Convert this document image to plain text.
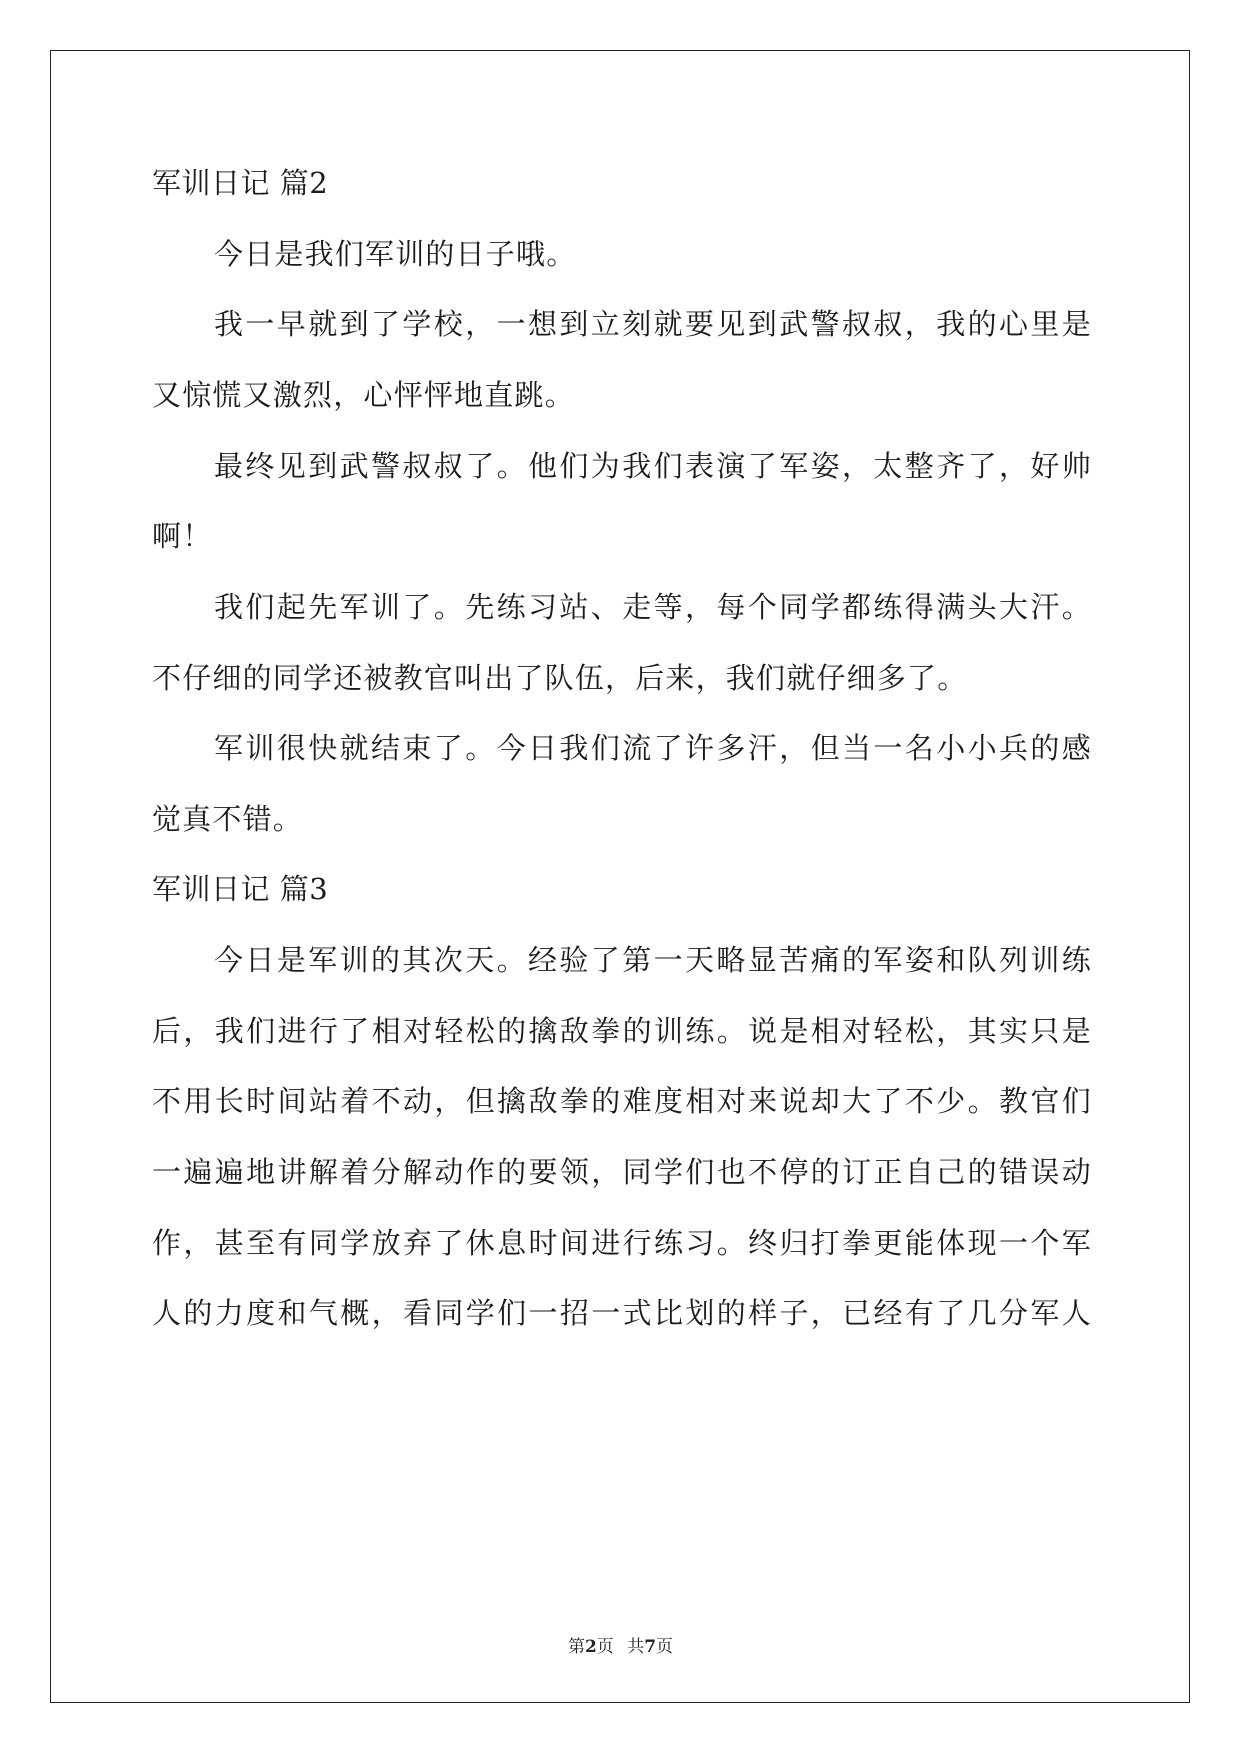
军训日记 篇2
今日是我们军训的日子哦。
我一早就到了学校，一想到立刻就要见到武警叔叔，我的心里是
又惊慌又激烈，心怦怦地直跳。
最终见到武警叔叔了。他们为我们表演了军姿，太整齐了，好帅
啊！
我们起先军训了。先练习站、走等，每个同学都练得满头大汗。
不仔细的同学还被教官叫出了队伍，后来，我们就仔细多了。
军训很快就结束了。今日我们流了许多汗，但当一名小小兵的感
觉真不错。
军训日记 篇3
今日是军训的其次天。经验了第一天略显苦痛的军姿和队列训练
后，我们进行了相对轻松的擒敌拳的训练。说是相对轻松，其实只是
不用长时间站着不动，但擒敌拳的难度相对来说却大了不少。教官们
一遍遍地讲解着分解动作的要领，同学们也不停的订正自己的错误动
作，甚至有同学放弃了休息时间进行练习。终归打拳更能体现一个军
人的力度和气概，看同学们一招一式比划的样子，已经有了几分军人
第2页 共7页
